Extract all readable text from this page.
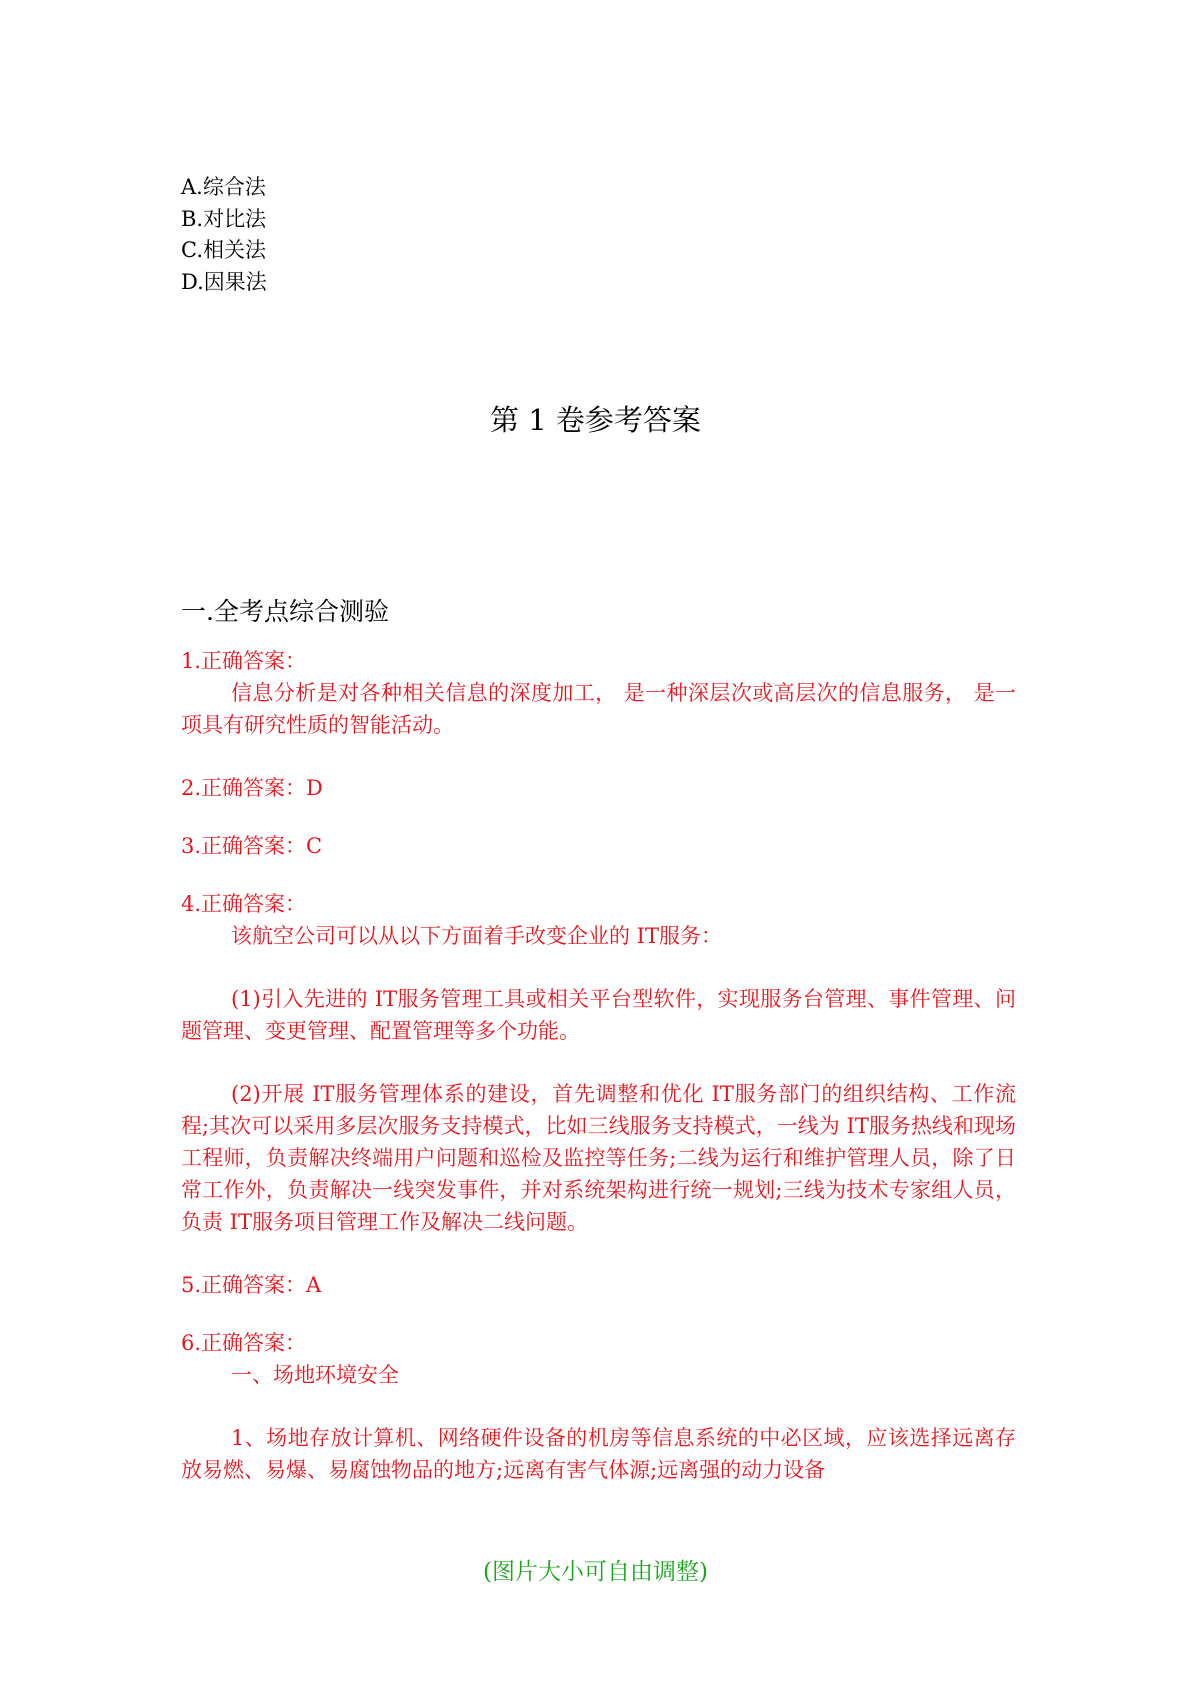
A.综合法
B.对比法
C.相关法
D.因果法
第 1 卷参考答案
一.全考点综合测验
1.正确答案：

信息分析是对各种相关信息的深度加工， 是一种深层次或高层次的信息服务， 是一项具有研究性质的智能活动。

2.正确答案：D
3.正确答案：C
4.正确答案：

该航空公司可以从以下方面着手改变企业的 IT服务：

(1)引入先进的 IT服务管理工具或相关平台型软件，实现服务台管理、事件管理、问题管理、变更管理、配置管理等多个功能。

(2)开展 IT服务管理体系的建设，首先调整和优化 IT服务部门的组织结构、工作流程;其次可以采用多层次服务支持模式，比如三线服务支持模式，一线为 IT服务热线和现场工程师，负责解决终端用户问题和巡检及监控等任务;二线为运行和维护管理人员，除了日常工作外，负责解决一线突发事件，并对系统架构进行统一规划;三线为技术专家组人员，负责 IT服务项目管理工作及解决二线问题。

5.正确答案：A
6.正确答案：

一、场地环境安全

1、场地存放计算机、网络硬件设备的机房等信息系统的中必区域，应该选择远离存放易燃、易爆、易腐蚀物品的地方;远离有害气体源;远离强的动力设备

(图片大小可自由调整)
